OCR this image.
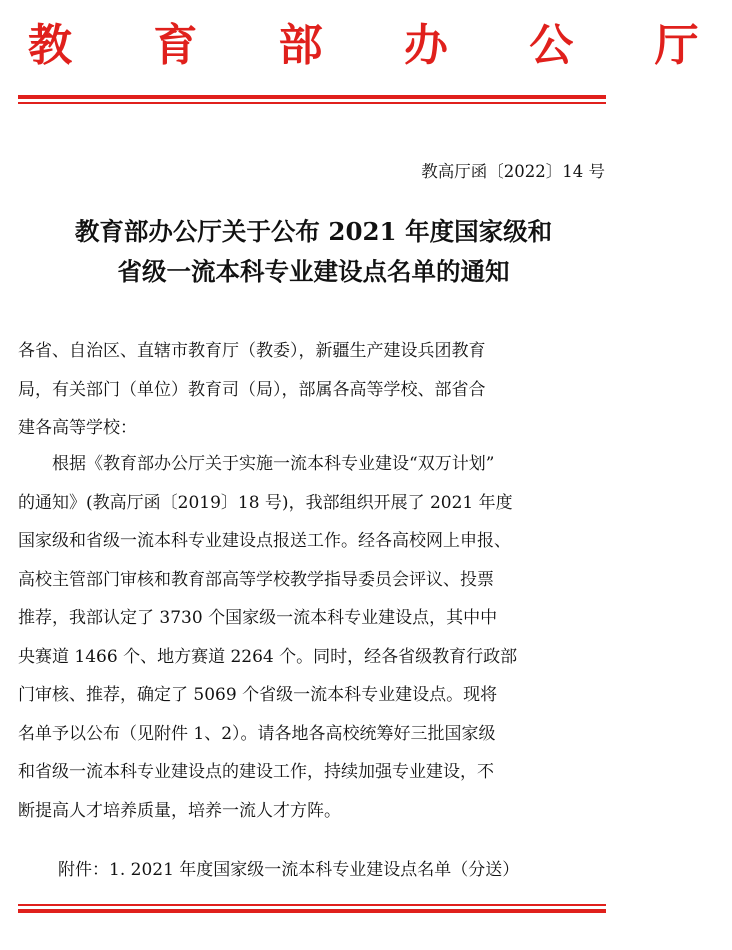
教 育 部 办 公 厅
教高厅函〔2022〕14 号
教育部办公厅关于公布 2021 年度国家级和
省级一流本科专业建设点名单的通知
各省、自治区、直辖市教育厅（教委），新疆生产建设兵团教育
局，有关部门（单位）教育司（局），部属各高等学校、部省合
建各高等学校：
　　根据《教育部办公厅关于实施一流本科专业建设“双万计划”
的通知》(教高厅函〔2019〕18 号)，我部组织开展了 2021 年度
国家级和省级一流本科专业建设点报送工作。经各高校网上申报、
高校主管部门审核和教育部高等学校教学指导委员会评议、投票
推荐，我部认定了 3730 个国家级一流本科专业建设点，其中中
央赛道 1466 个、地方赛道 2264 个。同时，经各省级教育行政部
门审核、推荐，确定了 5069 个省级一流本科专业建设点。现将
名单予以公布（见附件 1、2）。请各地各高校统筹好三批国家级
和省级一流本科专业建设点的建设工作，持续加强专业建设，不
断提高人才培养质量，培养一流人才方阵。
附件：1. 2021 年度国家级一流本科专业建设点名单（分送）
